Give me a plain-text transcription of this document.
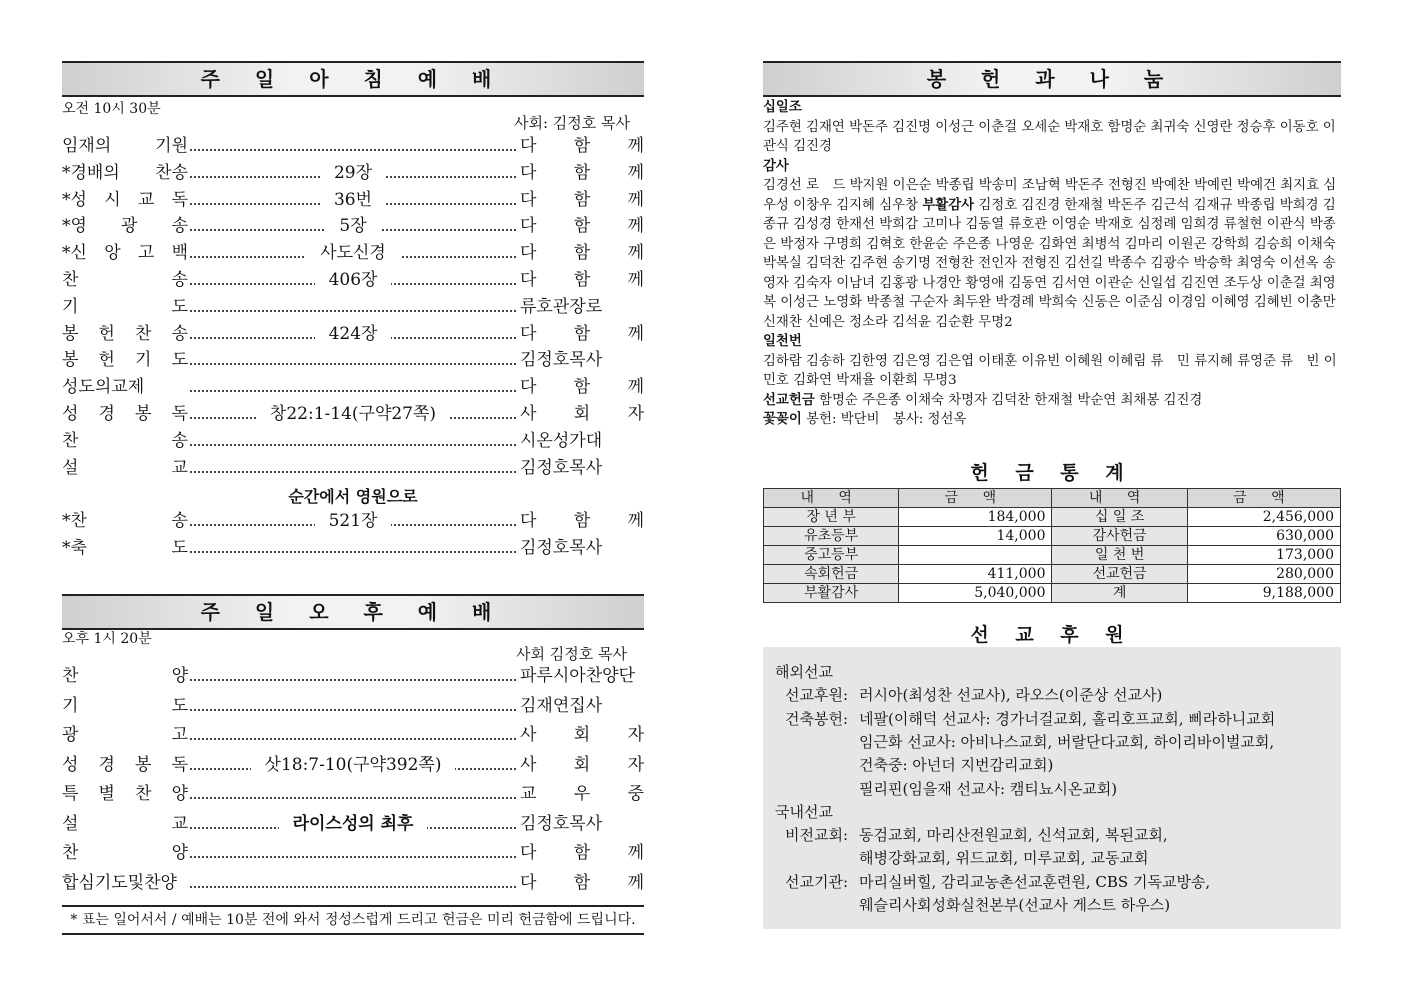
주 일 아 침 예 배
오전 10시 30분
사회: 김정호 목사
임재의 기원	다 함 께
*경배의 찬송	29장	다 함 께
*성 시 교 독	36번	다 함 께
*영　광　송	5장	다 함 께
*신 앙 고 백	사도신경	다 함 께
찬　　　송	406장	다 함 께
기　　　도	류호관장로
봉 헌 찬 송	424장	다 함 께
봉 헌 기 도	김정호목사
성도의교제	다 함 께
성 경 봉 독	창22:1-14(구약27쪽)	사 회 자
찬　　　송	시온성가대
설　　　교	김정호목사
순간에서 영원으로
*찬　　　송	521장	다 함 께
*축　　　도	김정호목사
주 일 오 후 예 배
오후 1시 20분
사회 김정호 목사
찬　　　　양	파루시아찬양단
기　　　　도	김재연집사
광　　　　고	사 회 자
성　경　봉　독	삿18:7-10(구약392쪽)	사 회 자
특　별　찬　양	교 우 중
설　　　　교	라이스성의 최후	김정호목사
찬　　　　양	다 함 께
합심기도및찬양	다 함 께
* 표는 일어서서 / 예배는 10분 전에 와서 정성스럽게 드리고 헌금은 미리 헌금함에 드립니다.
봉 헌 과 나 눔
십일조
김주현 김재연 박돈주 김진명 이성근 이춘걸 오세순 박재호 함명순 최귀숙 신영란 정승후 이동호 이관식 김진경
감사
김경선 로　드 박지원 이은순 박종립 박송미 조남혁 박돈주 전형진 박예찬 박예린 박예건 최지효 심우성 이창우 김지혜 심우창 부활감사 김정호 김진경 한재철 박돈주 김근석 김재규 박종립 박희경 김종규 김성경 한재선 박희감 고미나 김동열 류호관 이영순 박재호 심정례 임희경 류철현 이관식 박종은 박정자 구명희 김혁호 한윤순 주은종 나영운 김화연 최병석 김마리 이원곤 강학희 김승희 이채숙 박복실 김덕찬 김주현 송기명 전형찬 전인자 전형진 김선길 박종수 김광수 박승학 최영숙 이선옥 송영자 김숙자 이남녀 김홍광 나경안 황영애 김동연 김서연 이관순 신일섭 김진연 조두상 이춘걸 최영복 이성근 노영화 박종철 구순자 최두완 박경례 박희숙 신동은 이준심 이경임 이혜영 김혜빈 이충만 신재찬 신예은 정소라 김석윤 김순환 무명2
일천번
김하람 김송하 김한영 김은영 김은엽 이태훈 이유빈 이혜원 이혜림 류　민 류지혜 류영준 류　빈 이민호 김화연 박재율 이환희 무명3
선교헌금 함명순 주은종 이채숙 차명자 김덕찬 한재철 박순연 최채봉 김진경
꽃꽂이 봉헌: 박단비　봉사: 정선옥
헌 금 통 계
내 역	금 액	내 역	금 액
장 년 부	184,000	십 일 조	2,456,000
유초등부	14,000	감사헌금	630,000
중고등부		일 천 번	173,000
속회헌금	411,000	선교헌금	280,000
부활감사	5,040,000	계	9,188,000
선 교 후 원
해외선교
선교후원: 러시아(최성찬 선교사), 라오스(이준상 선교사)
건축봉헌: 네팔(이해덕 선교사: 경가너걸교회, 홀리호프교회, 삐라하니교회
임근화 선교사: 아비나스교회, 버랄단다교회, 하이리바이벌교회,
건축중: 아넌더 지번감리교회)
필리핀(임을재 선교사: 캠티뇨시온교회)
국내선교
비전교회: 동검교회, 마리산전원교회, 신석교회, 복된교회,
해병강화교회, 위드교회, 미루교회, 교동교회
선교기관: 마리실버힐, 감리교농촌선교훈련원, CBS 기독교방송,
웨슬리사회성화실천본부(선교사 게스트 하우스)
